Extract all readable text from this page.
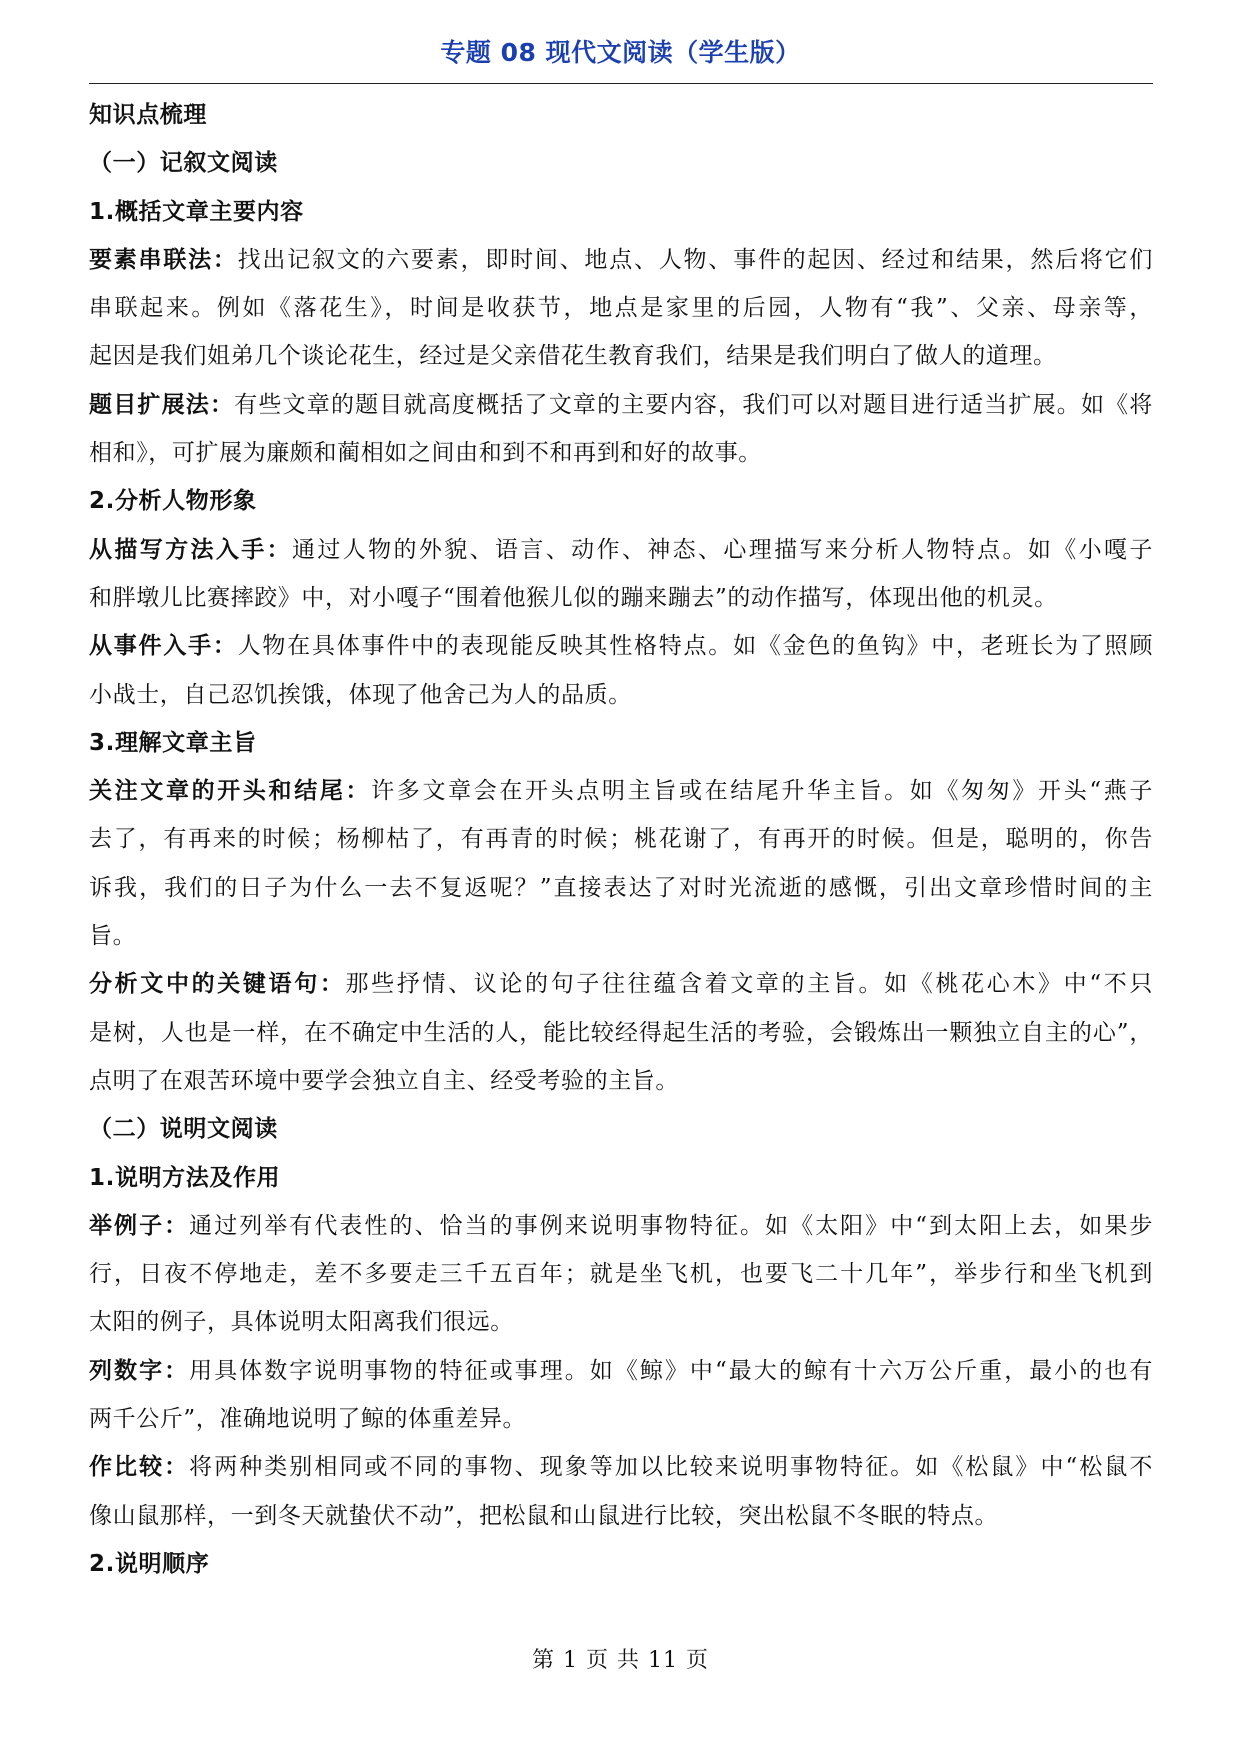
专题 08 现代文阅读（学生版）
知识点梳理
（一）记叙文阅读
1.概括文章主要内容
要素串联法：找出记叙文的六要素，即时间、地点、人物、事件的起因、经过和结果，然后将它们
串联起来。例如《落花生》，时间是收获节，地点是家里的后园，人物有“我”、父亲、母亲等，
起因是我们姐弟几个谈论花生，经过是父亲借花生教育我们，结果是我们明白了做人的道理。
题目扩展法：有些文章的题目就高度概括了文章的主要内容，我们可以对题目进行适当扩展。如《将
相和》，可扩展为廉颇和蔺相如之间由和到不和再到和好的故事。
2.分析人物形象
从描写方法入手：通过人物的外貌、语言、动作、神态、心理描写来分析人物特点。如《小嘎子
和胖墩儿比赛摔跤》中，对小嘎子“围着他猴儿似的蹦来蹦去”的动作描写，体现出他的机灵。
从事件入手：人物在具体事件中的表现能反映其性格特点。如《金色的鱼钩》中，老班长为了照顾
小战士，自己忍饥挨饿，体现了他舍己为人的品质。
3.理解文章主旨
关注文章的开头和结尾：许多文章会在开头点明主旨或在结尾升华主旨。如《匆匆》开头“燕子
去了，有再来的时候；杨柳枯了，有再青的时候；桃花谢了，有再开的时候。但是，聪明的，你告
诉我，我们的日子为什么一去不复返呢？”直接表达了对时光流逝的感慨，引出文章珍惜时间的主
旨。
分析文中的关键语句：那些抒情、议论的句子往往蕴含着文章的主旨。如《桃花心木》中“不只
是树，人也是一样，在不确定中生活的人，能比较经得起生活的考验，会锻炼出一颗独立自主的心”，
点明了在艰苦环境中要学会独立自主、经受考验的主旨。
（二）说明文阅读
1.说明方法及作用
举例子：通过列举有代表性的、恰当的事例来说明事物特征。如《太阳》中“到太阳上去，如果步
行，日夜不停地走，差不多要走三千五百年；就是坐飞机，也要飞二十几年”，举步行和坐飞机到
太阳的例子，具体说明太阳离我们很远。
列数字：用具体数字说明事物的特征或事理。如《鲸》中“最大的鲸有十六万公斤重，最小的也有
两千公斤”，准确地说明了鲸的体重差异。
作比较：将两种类别相同或不同的事物、现象等加以比较来说明事物特征。如《松鼠》中“松鼠不
像山鼠那样，一到冬天就蛰伏不动”，把松鼠和山鼠进行比较，突出松鼠不冬眠的特点。
2.说明顺序
第 1 页 共 11 页
